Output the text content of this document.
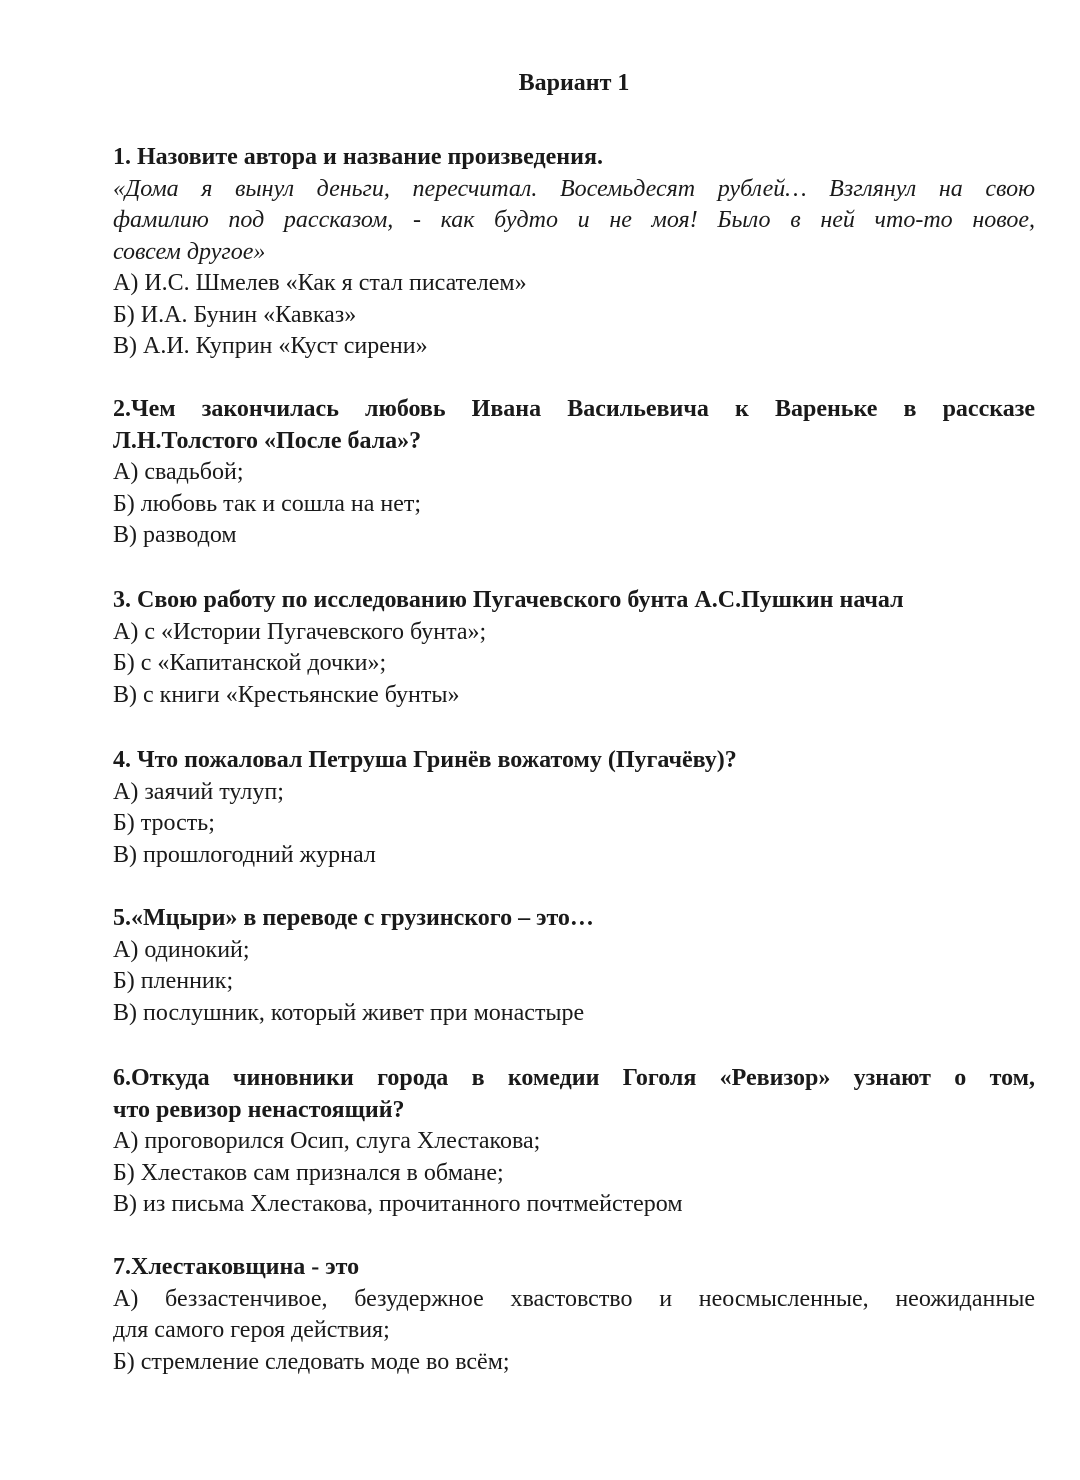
Вариант 1

1. Назовите автора и название произведения.

«Дома я вынул деньги, пересчитал. Восемьдесят рублей… Взглянул на свою
фамилию под рассказом, - как будто и не моя! Было в ней что-то новое,
совсем другое»

А) И.С. Шмелев «Как я стал писателем»

Б) И.А. Бунин «Кавказ»

В) А.И. Куприн «Куст сирени»

2.Чем закончилась любовь Ивана Васильевича к Вареньке в рассказе
Л.Н.Толстого «После бала»?

А) свадьбой;

Б) любовь так и сошла на нет;

В) разводом

3. Свою работу по исследованию Пугачевского бунта А.С.Пушкин начал

А) с «Истории Пугачевского бунта»;

Б) с «Капитанской дочки»;

В) с книги «Крестьянские бунты»

4. Что пожаловал Петруша Гринёв вожатому (Пугачёву)?

А) заячий тулуп;

Б) трость;

В) прошлогодний журнал

5.«Мцыри» в переводе с грузинского – это…

А) одинокий;

Б) пленник;

В) послушник, который живет при монастыре

6.Откуда чиновники города в комедии Гоголя «Ревизор» узнают о том,
что ревизор ненастоящий?

А) проговорился Осип, слуга Хлестакова;

Б) Хлестаков сам признался в обмане;

В) из письма Хлестакова, прочитанного почтмейстером

7.Хлестаковщина - это

А) беззастенчивое, безудержное хвастовство и неосмысленные, неожиданные
для самого героя действия;

Б) стремление следовать моде во всём;
